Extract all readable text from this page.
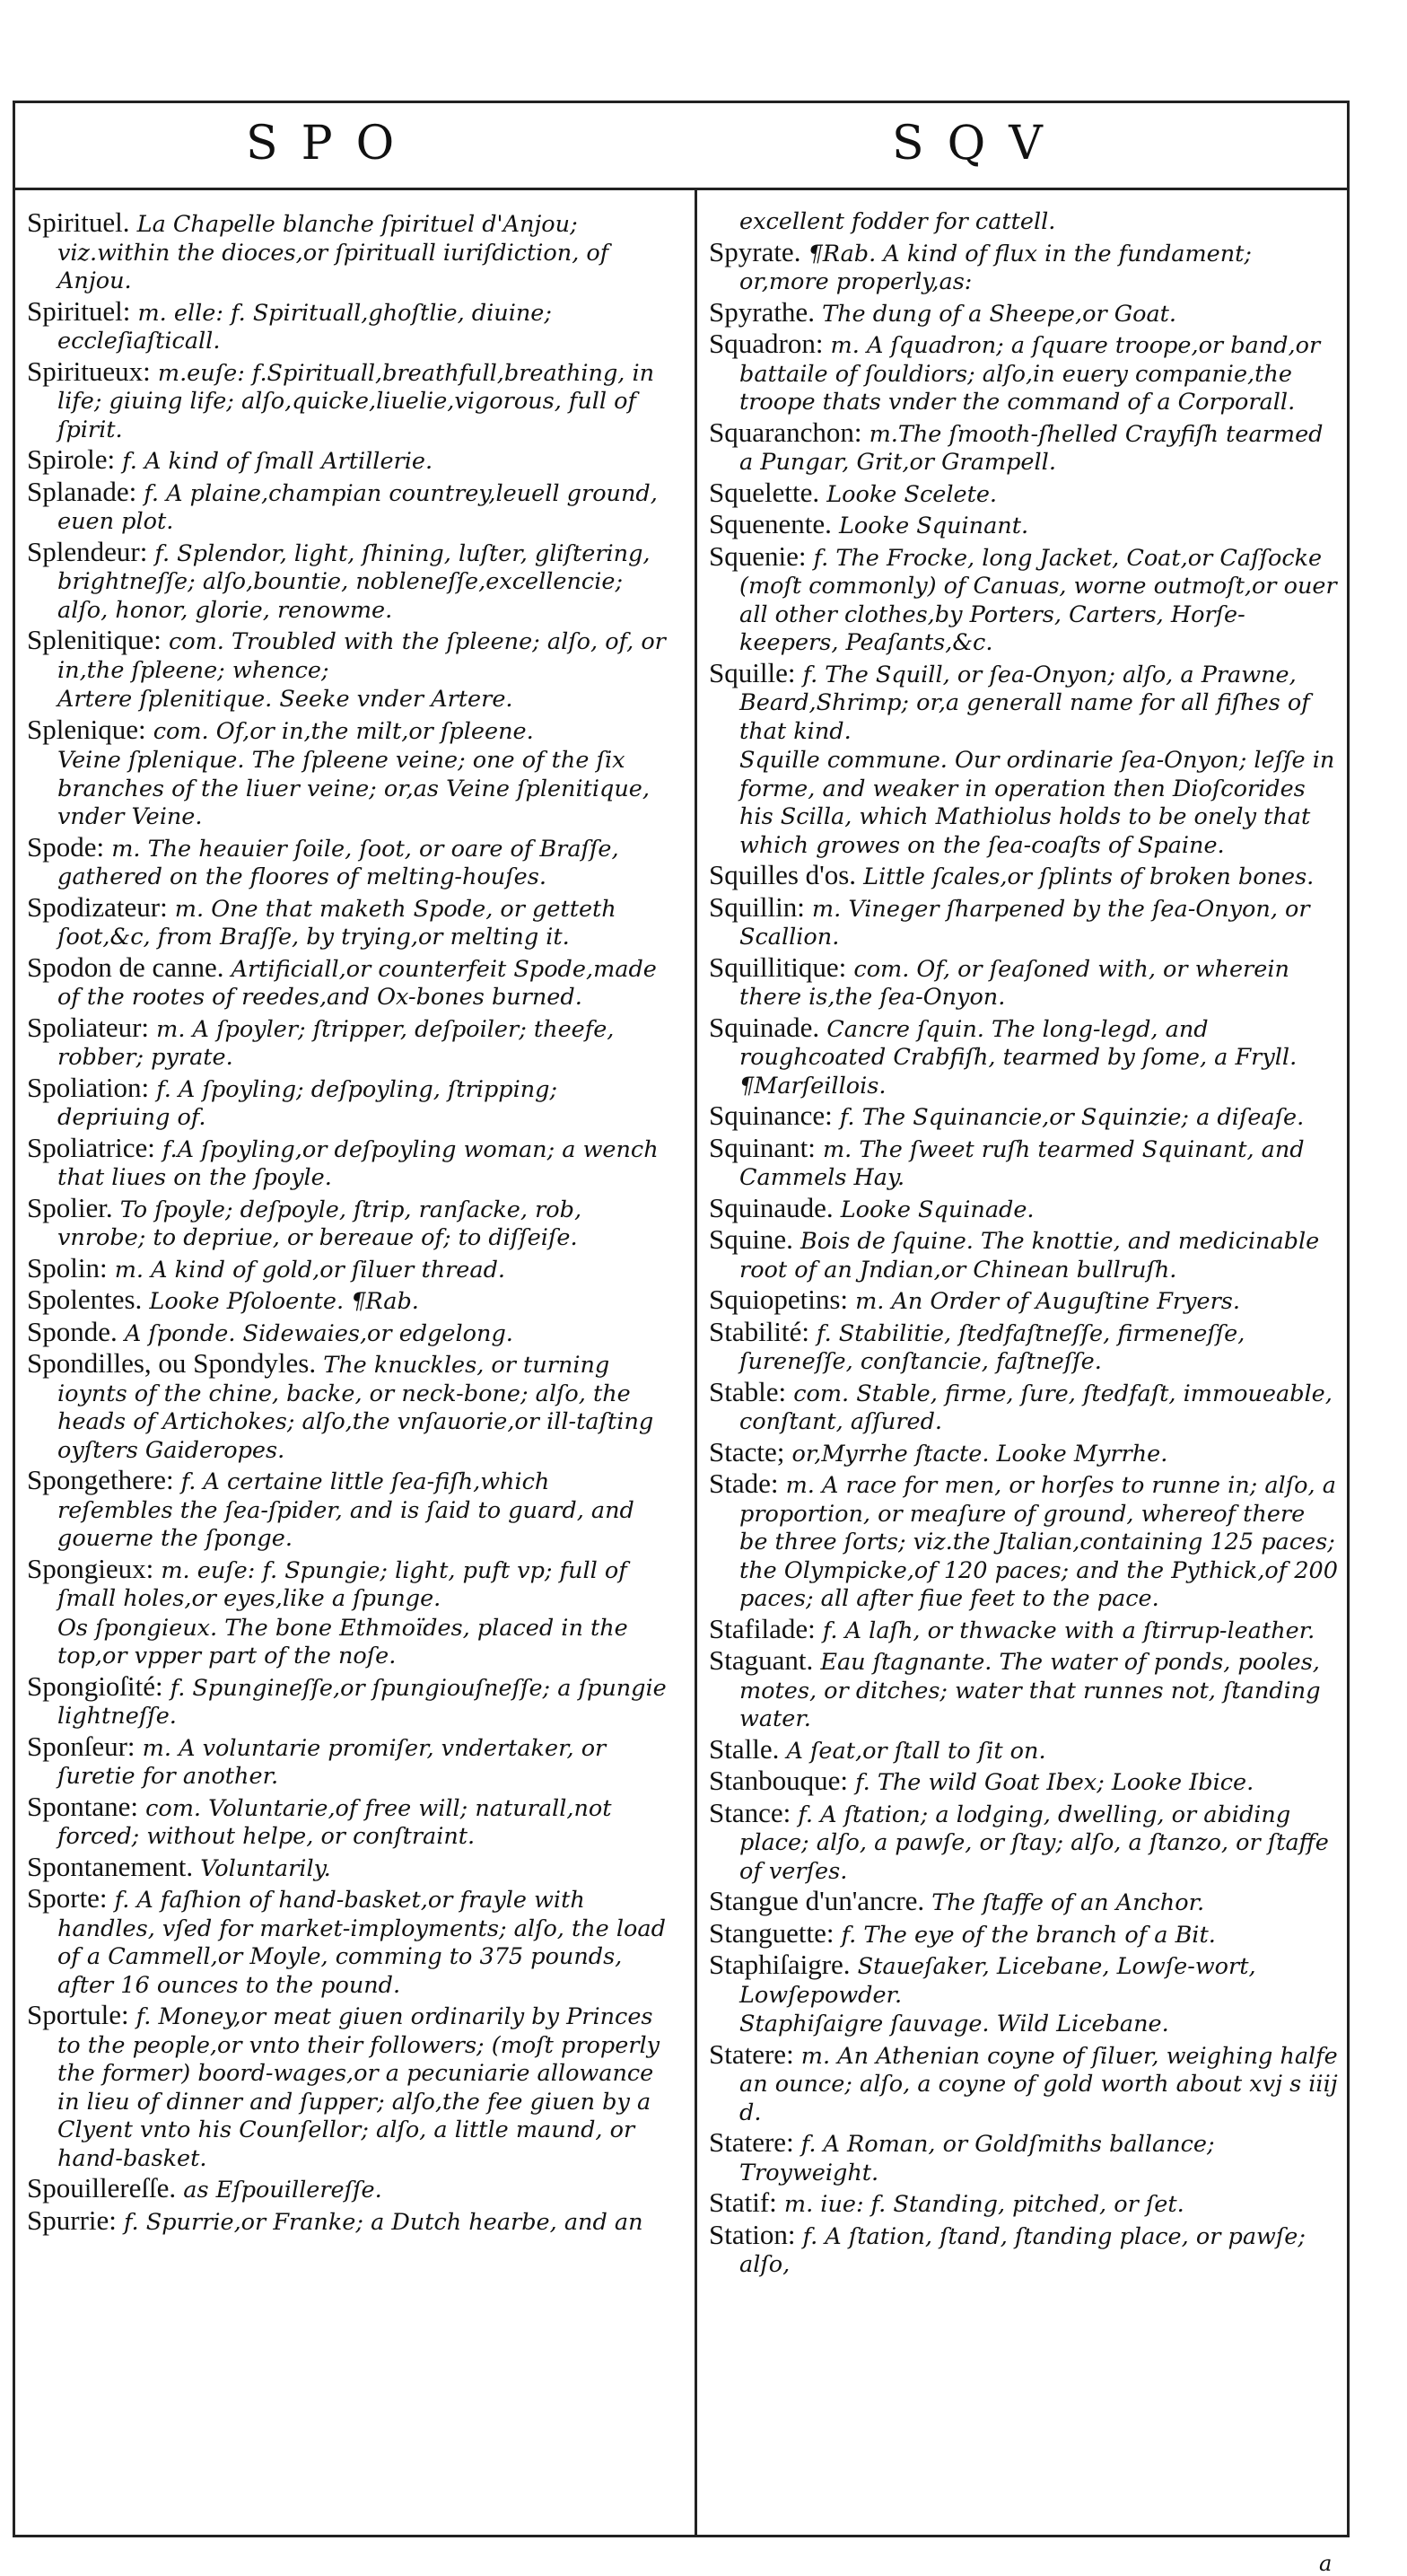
SPO	SQV
Spirituel. La Chapelle blanche ſpirituel d'Anjou; viz.within the dioces,or ſpirituall iuriſdiction, of Anjou.
Spirituel: m. elle: f. Spirituall,ghoſtlie, diuine; eccleſiaſticall.
Spiritueux: m.euſe: f.Spirituall,breathfull,breathing, in life; giuing life; alſo,quicke,liuelie,vigorous, full of ſpirit.
Spirole: f. A kind of ſmall Artillerie.
Splanade: f. A plaine,champian countrey,leuell ground, euen plot.
Splendeur: f. Splendor, light, ſhining, luſter, gliſtering, brightneſſe; alſo,bountie, nobleneſſe,excellencie; alſo, honor, glorie, renowme.
Splenitique: com. Troubled with the ſpleene; alſo, of, or in,the ſpleene; whence;
Artere ſplenitique. Seeke vnder Artere.
Splenique: com. Of,or in,the milt,or ſpleene.
Veine ſplenique. The ſpleene veine; one of the ſix branches of the liuer veine; or,as Veine ſplenitique, vnder Veine.
Spode: m. The heauier ſoile, ſoot, or oare of Braſſe, gathered on the floores of melting-houſes.
Spodizateur: m. One that maketh Spode, or getteth ſoot,&c, from Braſſe, by trying,or melting it.
Spodon de canne. Artificiall,or counterfeit Spode,made of the rootes of reedes,and Ox-bones burned.
Spoliateur: m. A ſpoyler; ſtripper, deſpoiler; theefe, robber; pyrate.
Spoliation: f. A ſpoyling; deſpoyling, ſtripping; depriuing of.
Spoliatrice: f.A ſpoyling,or deſpoyling woman; a wench that liues on the ſpoyle.
Spolier. To ſpoyle; deſpoyle, ſtrip, ranſacke, rob, vnrobe; to depriue, or bereaue of; to diſſeiſe.
Spolin: m. A kind of gold,or ſiluer thread.
Spolentes. Looke Pſoloente. ¶Rab.
Sponde. A ſponde. Sidewaies,or edgelong.
Spondilles, ou Spondyles. The knuckles, or turning ioynts of the chine, backe, or neck-bone; alſo, the heads of Artichokes; alſo,the vnſauorie,or ill-taſting oyſters Gaideropes.
Spongethere: f. A certaine little ſea-fiſh,which reſembles the ſea-ſpider, and is ſaid to guard, and gouerne the ſponge.
Spongieux: m. euſe: f. Spungie; light, puft vp; full of ſmall holes,or eyes,like a ſpunge.
Os ſpongieux. The bone Ethmoïdes, placed in the top,or vpper part of the noſe.
Spongioſité: f. Spungineſſe,or ſpungiouſneſſe; a ſpungie lightneſſe.
Sponſeur: m. A voluntarie promiſer, vndertaker, or ſuretie for another.
Spontane: com. Voluntarie,of free will; naturall,not forced; without helpe, or conſtraint.
Spontanement. Voluntarily.
Sporte: f. A faſhion of hand-basket,or frayle with handles, vſed for market-imployments; alſo, the load of a Cammell,or Moyle, comming to 375 pounds, after 16 ounces to the pound.
Sportule: f. Money,or meat giuen ordinarily by Princes to the people,or vnto their followers; (moſt properly the former) boord-wages,or a pecuniarie allowance in lieu of dinner and ſupper; alſo,the fee giuen by a Clyent vnto his Counſellor; alſo, a little maund, or hand-basket.
Spouillereſſe. as Eſpouillereſſe.
Spurrie: f. Spurrie,or Franke; a Dutch hearbe, and an
excellent fodder for cattell.
Spyrate. ¶Rab. A kind of flux in the fundament; or,more properly,as:
Spyrathe. The dung of a Sheepe,or Goat.
Squadron: m. A ſquadron; a ſquare troope,or band,or battaile of ſouldiors; alſo,in euery companie,the troope thats vnder the command of a Corporall.
Squaranchon: m.The ſmooth-ſhelled Crayfiſh tearmed a Pungar, Grit,or Grampell.
Squelette. Looke Scelete.
Squenente. Looke Squinant.
Squenie: f. The Frocke, long Jacket, Coat,or Caſſocke (moſt commonly) of Canuas, worne outmoſt,or ouer all other clothes,by Porters, Carters, Horſe-keepers, Peaſants,&c.
Squille: f. The Squill, or ſea-Onyon; alſo, a Prawne, Beard,Shrimp; or,a generall name for all fiſhes of that kind.
Squille commune. Our ordinarie ſea-Onyon; leſſe in forme, and weaker in operation then Dioſcorides his Scilla, which Mathiolus holds to be onely that which growes on the ſea-coaſts of Spaine.
Squilles d'os. Little ſcales,or ſplints of broken bones.
Squillin: m. Vineger ſharpened by the ſea-Onyon, or Scallion.
Squillitique: com. Of, or ſeaſoned with, or wherein there is,the ſea-Onyon.
Squinade. Cancre ſquin. The long-legd, and roughcoated Crabfiſh, tearmed by ſome, a Fryll. ¶Marſeillois.
Squinance: f. The Squinancie,or Squinzie; a diſeaſe.
Squinant: m. The ſweet ruſh tearmed Squinant, and Cammels Hay.
Squinaude. Looke Squinade.
Squine. Bois de ſquine. The knottie, and medicinable root of an Jndian,or Chinean bullruſh.
Squiopetins: m. An Order of Auguſtine Fryers.
Stabilité: f. Stabilitie, ſtedfaſtneſſe, firmeneſſe, ſureneſſe, conſtancie, faſtneſſe.
Stable: com. Stable, firme, ſure, ſtedfaſt, immoueable, conſtant, aſſured.
Stacte; or,Myrrhe ſtacte. Looke Myrrhe.
Stade: m. A race for men, or horſes to runne in; alſo, a proportion, or meaſure of ground, whereof there be three ſorts; viz.the Jtalian,containing 125 paces; the Olympicke,of 120 paces; and the Pythick,of 200 paces; all after fiue feet to the pace.
Stafilade: f. A laſh, or thwacke with a ſtirrup-leather.
Staguant. Eau ſtagnante. The water of ponds, pooles, motes, or ditches; water that runnes not, ſtanding water.
Stalle. A ſeat,or ſtall to ſit on.
Stanbouque: f. The wild Goat Ibex; Looke Ibice.
Stance: f. A ſtation; a lodging, dwelling, or abiding place; alſo, a pawſe, or ſtay; alſo, a ſtanzo, or ſtaffe of verſes.
Stangue d'un'ancre. The ſtaffe of an Anchor.
Stanguette: f. The eye of the branch of a Bit.
Staphiſaigre. Staueſaker, Licebane, Lowſe-wort, Lowſepowder.
Staphiſaigre ſauvage. Wild Licebane.
Statere: m. An Athenian coyne of ſiluer, weighing halfe an ounce; alſo, a coyne of gold worth about xvj s iiij d.
Statere: f. A Roman, or Goldſmiths ballance; Troyweight.
Statif: m. iue: f. Standing, pitched, or ſet.
Station: f. A ſtation, ſtand, ſtanding place, or pawſe; alſo,
a
